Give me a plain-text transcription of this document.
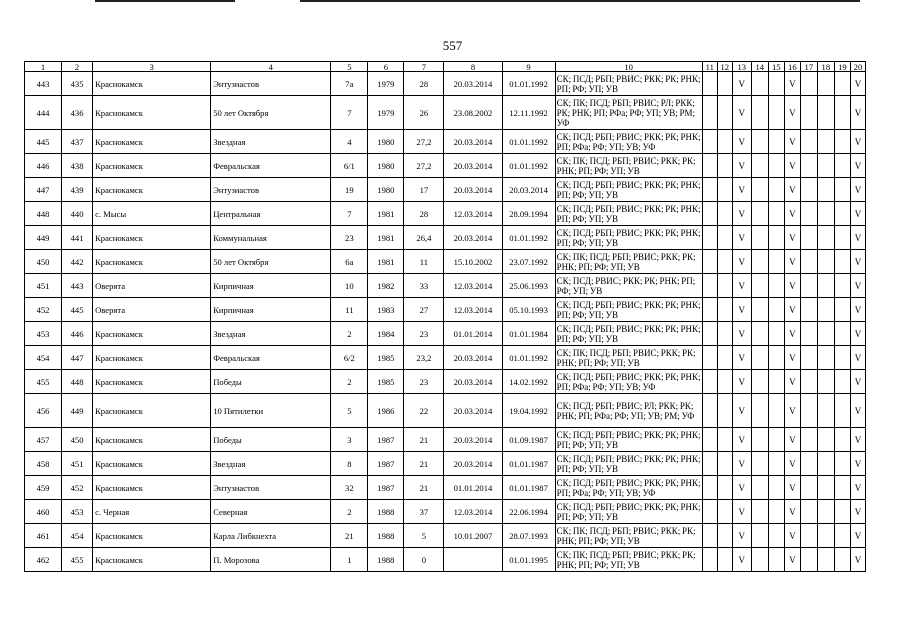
557
1	2	3	4	5	6	7	8	9	10	11	12	13	14	15	16	17	18	19	20
443	435	Краснокамск	Энтузиастов	7а	1979	28	20.03.2014	01.01.1992	СК; ПСД; РБП; РВИС; РКК; РК; РНК; РП; РФ; УП; УВ			V			V				V
444	436	Краснокамск	50 лет Октября	7	1979	26	23.08.2002	12.11.1992	СК; ПК; ПСД; РБП; РВИС; РЛ; РКК; РК; РНК; РП; РФа; РФ; УП; УВ; РМ; УФ			V			V				V
445	437	Краснокамск	Звездная	4	1980	27,2	20.03.2014	01.01.1992	СК; ПСД; РБП; РВИС; РКК; РК; РНК; РП; РФа; РФ; УП; УВ; УФ			V			V				V
446	438	Краснокамск	Февральская	6/1	1980	27,2	20.03.2014	01.01.1992	СК; ПК; ПСД; РБП; РВИС; РКК; РК; РНК; РП; РФ; УП; УВ			V			V				V
447	439	Краснокамск	Энтузиастов	19	1980	17	20.03.2014	20.03.2014	СК; ПСД; РБП; РВИС; РКК; РК; РНК; РП; РФ; УП; УВ			V			V				V
448	440	с. Мысы	Центральная	7	1981	28	12.03.2014	28.09.1994	СК; ПСД; РБП; РВИС; РКК; РК; РНК; РП; РФ; УП; УВ			V			V				V
449	441	Краснокамск	Коммунальная	23	1981	26,4	20.03.2014	01.01.1992	СК; ПСД; РБП; РВИС; РКК; РК; РНК; РП; РФ; УП; УВ			V			V				V
450	442	Краснокамск	50 лет Октября	6а	1981	11	15.10.2002	23.07.1992	СК; ПК; ПСД; РБП; РВИС; РКК; РК; РНК; РП; РФ; УП; УВ			V			V				V
451	443	Оверята	Кирпичная	10	1982	33	12.03.2014	25.06.1993	СК; ПСД; РВИС; РКК; РК; РНК; РП; РФ; УП; УВ			V			V				V
452	445	Оверята	Кирпичная	11	1983	27	12.03.2014	05.10.1993	СК; ПСД; РБП; РВИС; РКК; РК; РНК; РП; РФ; УП; УВ			V			V				V
453	446	Краснокамск	Звездная	2	1984	23	01.01.2014	01.01.1984	СК; ПСД; РБП; РВИС; РКК; РК; РНК; РП; РФ; УП; УВ			V			V				V
454	447	Краснокамск	Февральская	6/2	1985	23,2	20.03.2014	01.01.1992	СК; ПК; ПСД; РБП; РВИС; РКК; РК; РНК; РП; РФ; УП; УВ			V			V				V
455	448	Краснокамск	Победы	2	1985	23	20.03.2014	14.02.1992	СК; ПСД; РБП; РВИС; РКК; РК; РНК; РП; РФа; РФ; УП; УВ; УФ			V			V				V
456	449	Краснокамск	10 Пятилетки	5	1986	22	20.03.2014	19.04.1992	СК; ПСД; РБП; РВИС; РЛ; РКК; РК; РНК; РП; РФа; РФ; УП; УВ; РМ; УФ			V			V				V
457	450	Краснокамск	Победы	3	1987	21	20.03.2014	01.09.1987	СК; ПСД; РБП; РВИС; РКК; РК; РНК; РП; РФ; УП; УВ			V			V				V
458	451	Краснокамск	Звездная	8	1987	21	20.03.2014	01.01.1987	СК; ПСД; РБП; РВИС; РКК; РК; РНК; РП; РФ; УП; УВ			V			V				V
459	452	Краснокамск	Энтузиастов	32	1987	21	01.01.2014	01.01.1987	СК; ПСД; РБП; РВИС; РКК; РК; РНК; РП; РФа; РФ; УП; УВ; УФ			V			V				V
460	453	с. Черная	Северная	2	1988	37	12.03.2014	22.06.1994	СК; ПСД; РБП; РВИС; РКК; РК; РНК; РП; РФ; УП; УВ			V			V				V
461	454	Краснокамск	Карла Либкнехта	21	1988	5	10.01.2007	28.07.1993	СК; ПК; ПСД; РБП; РВИС; РКК; РК; РНК; РП; РФ; УП; УВ			V			V				V
462	455	Краснокамск	П. Морозова	1	1988	0		01.01.1995	СК; ПК; ПСД; РБП; РВИС; РКК; РК; РНК; РП; РФ; УП; УВ			V			V				V
